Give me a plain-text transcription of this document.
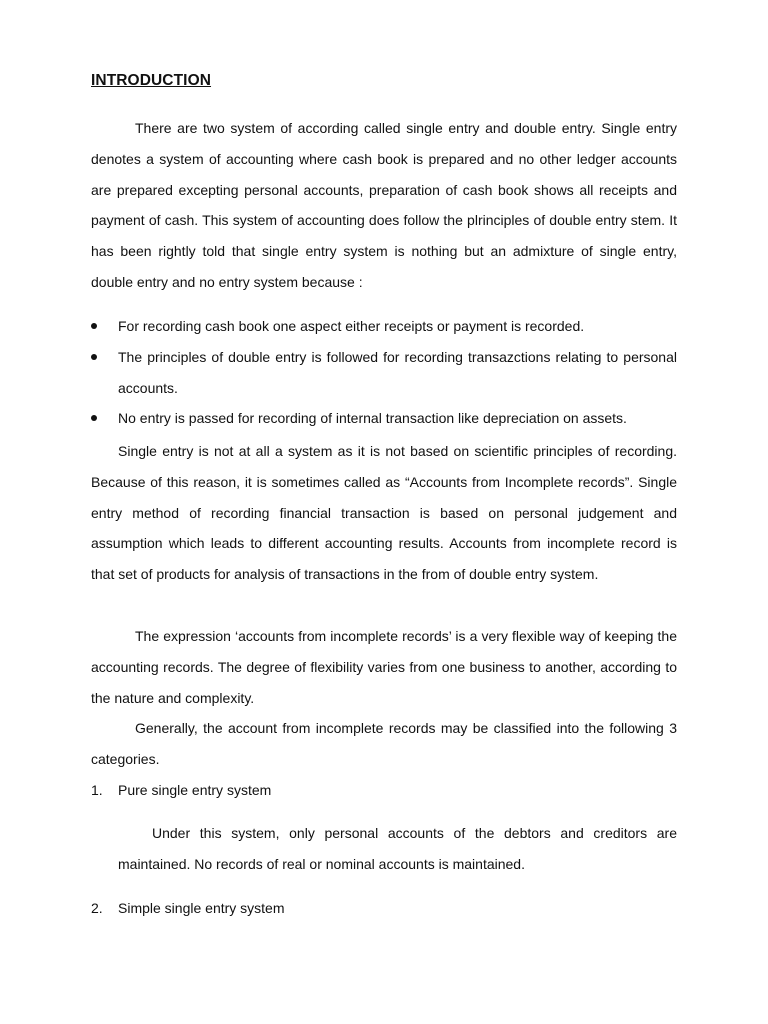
INTRODUCTION

There are two system of according called single entry and double entry. Single entry denotes a system of accounting where cash book is prepared and no other ledger accounts are prepared excepting personal accounts, preparation of cash book shows all receipts and payment of cash. This system of accounting does follow the plrinciples of double entry stem. It has been rightly told that single entry system is nothing but an admixture of single entry, double entry and no entry system because :

For recording cash book one aspect either receipts or payment is recorded.
The principles of double entry is followed for recording transazctions relating to personal accounts.
No entry is passed for recording of internal transaction like depreciation on assets.

Single entry is not at all a system as it is not based on scientific principles of recording. Because of this reason, it is sometimes called as “Accounts from Incomplete records”. Single entry method of recording financial transaction is based on personal judgement and assumption which leads to different accounting results. Accounts from incomplete record is that set of products for analysis of transactions in the from of double entry system.

The expression ‘accounts from incomplete records’ is a very flexible way of keeping the accounting records. The degree of flexibility varies from one business to another, according to the nature and complexity.

Generally, the account from incomplete records may be classified into the following 3 categories.

1. Pure single entry system

Under this system, only personal accounts of the debtors and creditors are maintained. No records of real or nominal accounts is maintained.

2. Simple single entry system
